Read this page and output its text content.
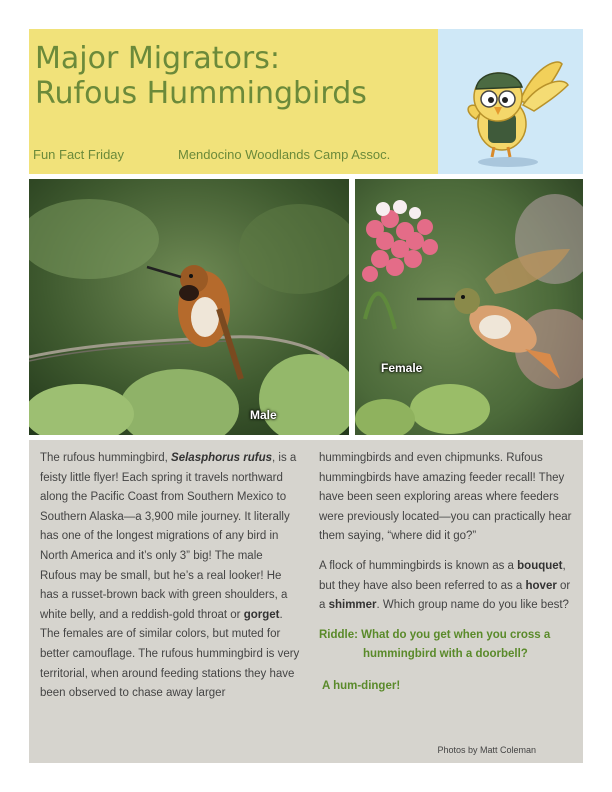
Major Migrators:
Rufous Hummingbirds
Fun Fact Friday	Mendocino Woodlands Camp Assoc.
Male
Female

The rufous hummingbird, Selasphorus rufus, is a feisty little flyer! Each spring it travels northward along the Pacific Coast from Southern Mexico to Southern Alaska—a 3,900 mile journey. It literally has one of the longest migrations of any bird in North America and it’s only 3” big! The male Rufous may be small, but he’s a real looker! He has a russet-brown back with green shoulders, a white belly, and a reddish-gold throat or gorget. The females are of similar colors, but muted for better camouflage. The rufous hummingbird is very territorial, when around feeding stations they have been observed to chase away larger

hummingbirds and even chipmunks. Rufous hummingbirds have amazing feeder recall! They have been seen exploring areas where feeders were previously located—you can practically hear them saying, “where did it go?”

A flock of hummingbirds is known as a bouquet, but they have also been referred to as a hover or a shimmer. Which group name do you like best?

Riddle: What do you get when you cross a
hummingbird with a doorbell?
A hum-dinger!
Photos by Matt Coleman
